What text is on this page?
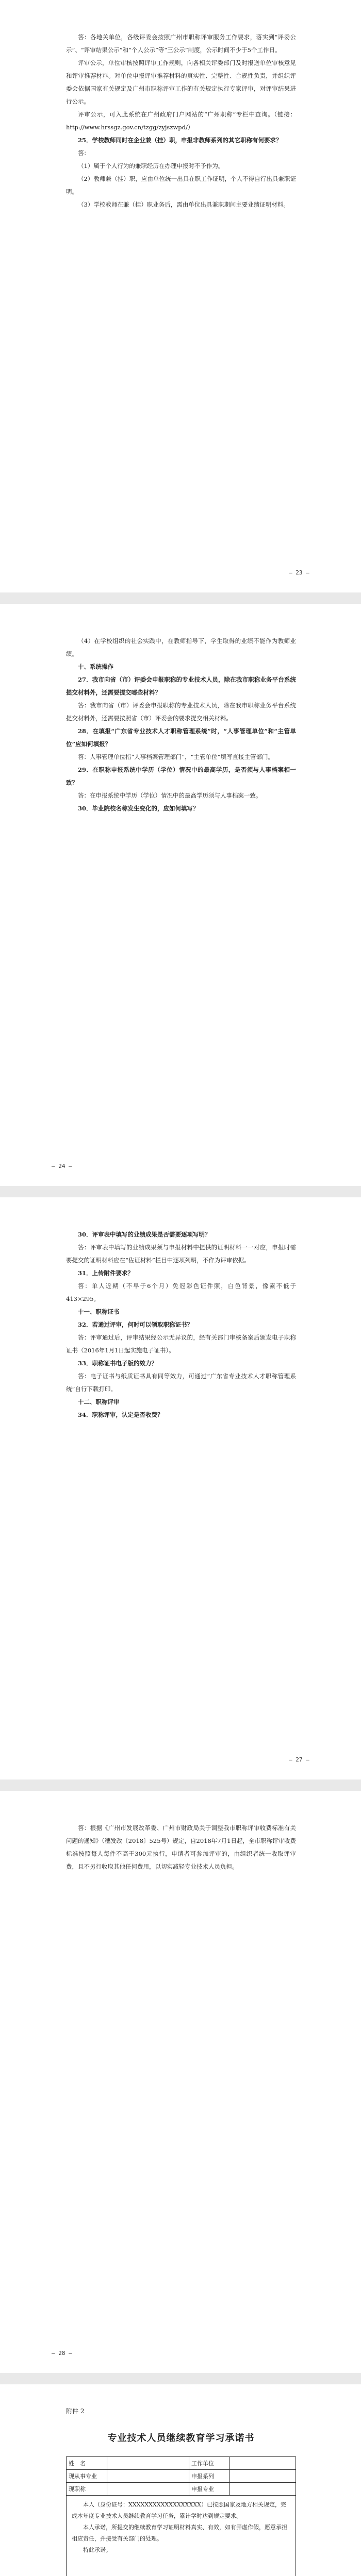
答：各地关单位，各级评委会按照广州市职称评审服务工作要求，落实到“评委公示”、“评审结果公示”和“个人公示”等“三公示”制度，公示时间不少于5个工作日。

评审公示，单位审核按照评审工作规则，向各相关评委部门及时报送单位审核意见和评审推荐材料。对单位申报评审推荐材料的真实性、完整性、合规性负责，并组织评委会依据国家有关规定及广州市职称评审工作的有关规定执行专家评审，对评审结果进行公示。

评审公示，可入此系统在广州政府门户网站的“广州职称”专栏中查询。（链接：http://www.hrssgz.gov.cn/tzgg/zyjszwpd/）

25．学校教师同时在企业兼（挂）职，申报非教师系列的其它职称有何要求？

答：

（1）属于个人行为的兼职经历在办理申报时不予作为。

（2）教师兼（挂）职，应由单位统一出具在职工作证明，个人不得自行出具兼职证明。

（3）学校教师在兼（挂）职业务后，需由单位出具兼职期间主要业绩证明材料。

— 23 —

（4）在学校组织的社会实践中，在教师指导下，学生取得的业绩不能作为教师业绩。

十、系统操作

27．我市向省（市）评委会申报职称的专业技术人员，除在我市职称业务平台系统提交材料外，还需要提交哪些材料？

答：我市向省（市）评委会申报职称的专业技术人员，除在我市职称业务平台系统提交材料外，还需要按照省（市）评委会的要求提交相关材料。

28．在填报“广东省专业技术人才职称管理系统”时，“人事管理单位”和“主管单位”应如何填报？

答：人事管理单位指“人事档案管理部门”，“主管单位”填写直接主管部门。

29．在职称申报系统中学历（学位）情况中的最高学历，是否须与人事档案相一致？

答：在申报系统中学历（学位）情况中的最高学历须与人事档案一致。

30．毕业院校名称发生变化的，应如何填写？

— 24 —

30．评审表中填写的业绩成果是否需要逐项写明？

答：评审表中填写的业绩成果须与申报材料中提供的证明材料一一对应，申报时需要提交的证明材料应在“佐证材料”栏目中逐项列明，不作为评审依据。

31．上传附件要求？

答：单人近期（不早于6个月）免冠彩色证件照，白色背景，像素不低于 413×295。

十一、职称证书

32．若通过评审，何时可以领取职称证书？

答：评审通过后，评审结果经公示无异议的，经有关部门审核备案后颁发电子职称证书（2016年1月1日起实施电子证书）。

33．职称证书电子版的效力？

答：电子证书与纸质证书具有同等效力，可通过“广东省专业技术人才职称管理系统”自行下载打印。

十二、职称评审

34．职称评审，认定是否收费？

— 27 —

答：根据《广州市发展改革委、广州市财政局关于调整我市职称评审收费标准有关问题的通知》（穗发改〔2018〕525号）规定，自2018年7月1日起，全市职称评审收费标准按照每人每件不高于300元执行，申请者可参加评审的，由组织者统一收取评审费，且不另行收取其他任何费用，以切实减轻专业技术人员负担。

— 28 —
附件 2
专业技术人员继续教育学习承诺书
姓　名		工作单位	
现从事专业		申报系列	
现职称		申报专业	

本人（身份证号：XXXXXXXXXXXXXXXXXX）已按照国家及地方相关规定，完成本年度专业技术人员继续教育学习任务，累计学时达到规定要求。

本人承诺，所提交的继续教育学习证明材料真实、有效，如有弄虚作假，愿意承担相应责任，并接受有关部门的处理。

特此承诺。
